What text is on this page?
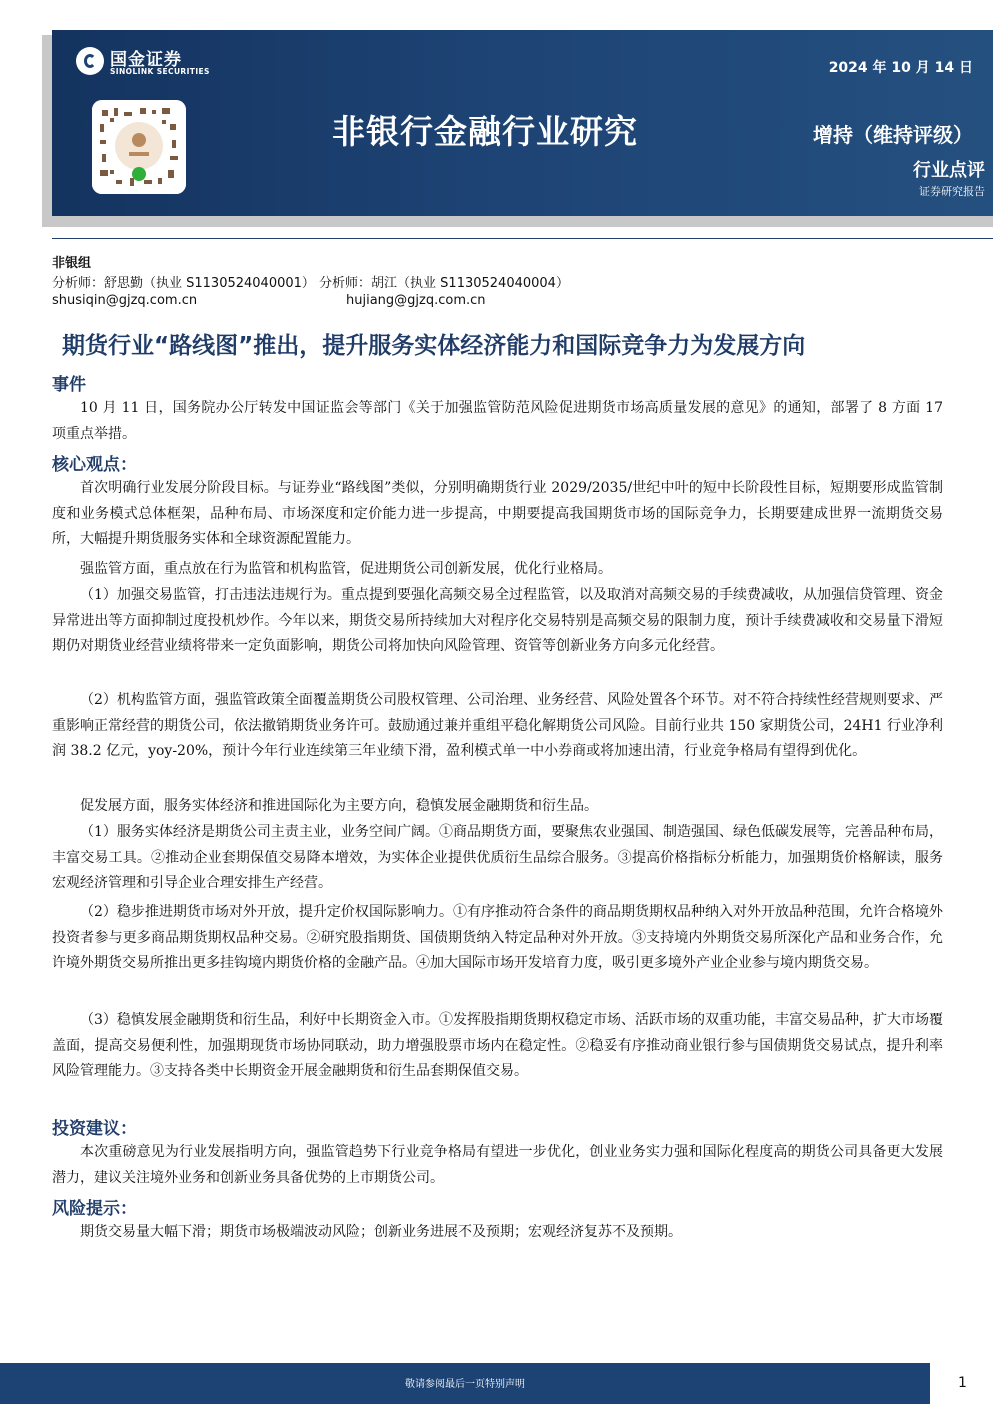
国金证券
SINOLINK SECURITIES	2024 年 10 月 14 日
非银行金融行业研究	增持（维持评级）
行业点评
证券研究报告
非银组
分析师：舒思勤（执业 S1130524040001） 分析师：胡江（执业 S1130524040004）
shusiqin@gjzq.com.cn	hujiang@gjzq.com.cn
期货行业“路线图”推出，提升服务实体经济能力和国际竞争力为发展方向
事件
10 月 11 日，国务院办公厅转发中国证监会等部门《关于加强监管防范风险促进期货市场高质量发展的意见》的通知，部署了 8 方面 17 项重点举措。
核心观点：
首次明确行业发展分阶段目标。与证券业“路线图”类似，分别明确期货行业 2029/2035/世纪中叶的短中长阶段性目标，短期要形成监管制度和业务模式总体框架，品种布局、市场深度和定价能力进一步提高，中期要提高我国期货市场的国际竞争力，长期要建成世界一流期货交易所，大幅提升期货服务实体和全球资源配置能力。
强监管方面，重点放在行为监管和机构监管，促进期货公司创新发展，优化行业格局。
（1）加强交易监管，打击违法违规行为。重点提到要强化高频交易全过程监管，以及取消对高频交易的手续费减收，从加强信贷管理、资金异常进出等方面抑制过度投机炒作。今年以来，期货交易所持续加大对程序化交易特别是高频交易的限制力度，预计手续费减收和交易量下滑短期仍对期货业经营业绩将带来一定负面影响，期货公司将加快向风险管理、资管等创新业务方向多元化经营。
（2）机构监管方面，强监管政策全面覆盖期货公司股权管理、公司治理、业务经营、风险处置各个环节。对不符合持续性经营规则要求、严重影响正常经营的期货公司，依法撤销期货业务许可。鼓励通过兼并重组平稳化解期货公司风险。目前行业共 150 家期货公司，24H1 行业净利润 38.2 亿元，yoy-20%，预计今年行业连续第三年业绩下滑，盈利模式单一中小券商或将加速出清，行业竞争格局有望得到优化。
促发展方面，服务实体经济和推进国际化为主要方向，稳慎发展金融期货和衍生品。
（1）服务实体经济是期货公司主责主业，业务空间广阔。①商品期货方面，要聚焦农业强国、制造强国、绿色低碳发展等，完善品种布局，丰富交易工具。②推动企业套期保值交易降本增效，为实体企业提供优质衍生品综合服务。③提高价格指标分析能力，加强期货价格解读，服务宏观经济管理和引导企业合理安排生产经营。
（2）稳步推进期货市场对外开放，提升定价权国际影响力。①有序推动符合条件的商品期货期权品种纳入对外开放品种范围，允许合格境外投资者参与更多商品期货期权品种交易。②研究股指期货、国债期货纳入特定品种对外开放。③支持境内外期货交易所深化产品和业务合作，允许境外期货交易所推出更多挂钩境内期货价格的金融产品。④加大国际市场开发培育力度，吸引更多境外产业企业参与境内期货交易。
（3）稳慎发展金融期货和衍生品，利好中长期资金入市。①发挥股指期货期权稳定市场、活跃市场的双重功能，丰富交易品种，扩大市场覆盖面，提高交易便利性，加强期现货市场协同联动，助力增强股票市场内在稳定性。②稳妥有序推动商业银行参与国债期货交易试点，提升利率风险管理能力。③支持各类中长期资金开展金融期货和衍生品套期保值交易。
投资建议：
本次重磅意见为行业发展指明方向，强监管趋势下行业竞争格局有望进一步优化，创业业务实力强和国际化程度高的期货公司具备更大发展潜力，建议关注境外业务和创新业务具备优势的上市期货公司。
风险提示：
期货交易量大幅下滑；期货市场极端波动风险；创新业务进展不及预期；宏观经济复苏不及预期。
敬请参阅最后一页特别声明	1
